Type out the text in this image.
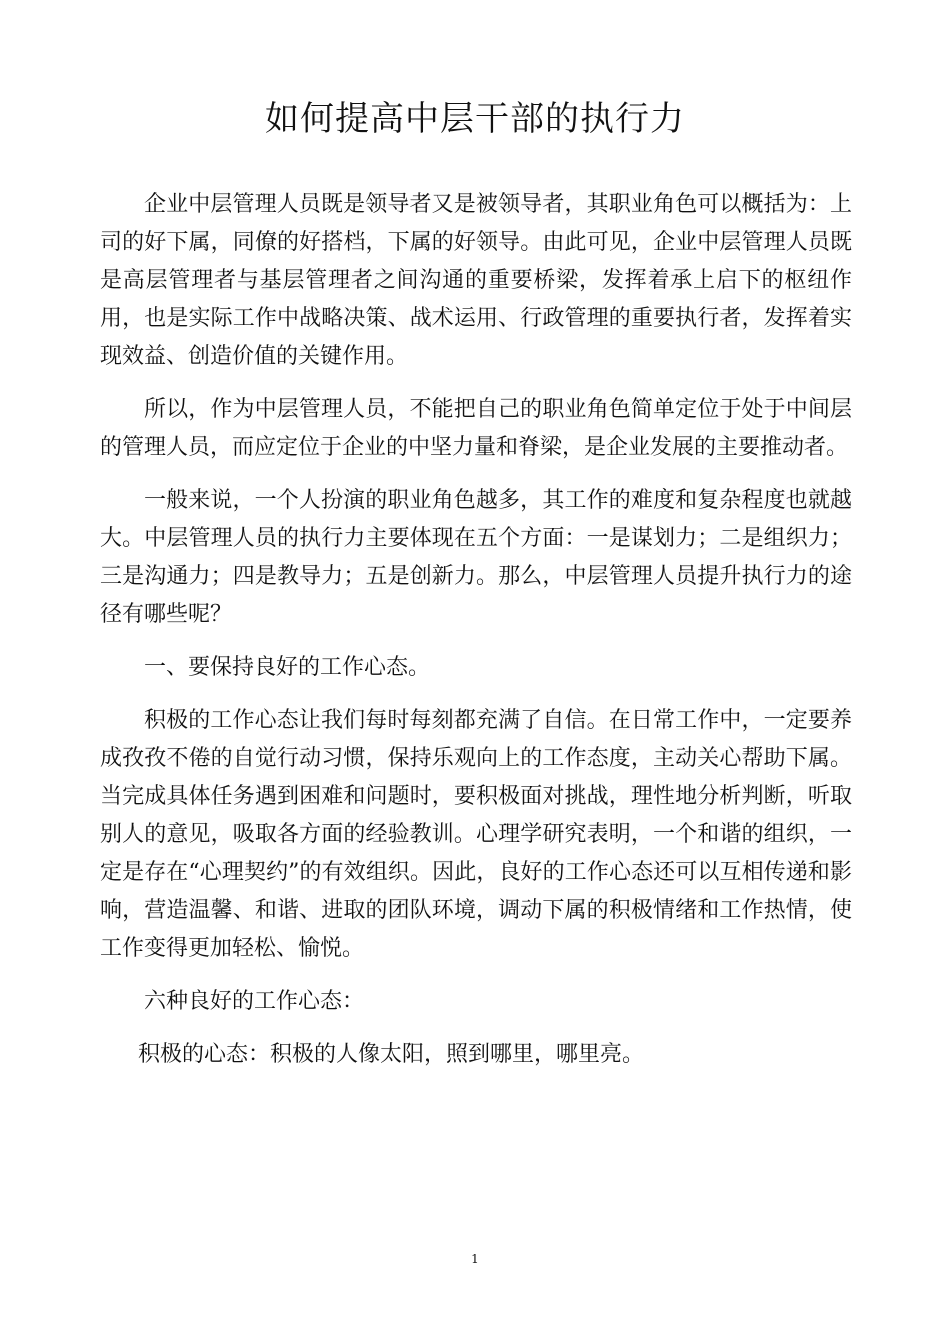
如何提高中层干部的执行力

企业中层管理人员既是领导者又是被领导者，其职业角色可以概括为：上司的好下属，同僚的好搭档，下属的好领导。由此可见，企业中层管理人员既是高层管理者与基层管理者之间沟通的重要桥梁，发挥着承上启下的枢纽作用，也是实际工作中战略决策、战术运用、行政管理的重要执行者，发挥着实现效益、创造价值的关键作用。

所以，作为中层管理人员，不能把自己的职业角色简单定位于处于中间层的管理人员，而应定位于企业的中坚力量和脊梁，是企业发展的主要推动者。

一般来说，一个人扮演的职业角色越多，其工作的难度和复杂程度也就越大。中层管理人员的执行力主要体现在五个方面：一是谋划力；二是组织力；三是沟通力；四是教导力；五是创新力。那么，中层管理人员提升执行力的途径有哪些呢？

一、要保持良好的工作心态。

积极的工作心态让我们每时每刻都充满了自信。在日常工作中，一定要养成孜孜不倦的自觉行动习惯，保持乐观向上的工作态度，主动关心帮助下属。当完成具体任务遇到困难和问题时，要积极面对挑战，理性地分析判断，听取别人的意见，吸取各方面的经验教训。心理学研究表明，一个和谐的组织，一定是存在“心理契约”的有效组织。因此，良好的工作心态还可以互相传递和影响，营造温馨、和谐、进取的团队环境，调动下属的积极情绪和工作热情，使工作变得更加轻松、愉悦。

六种良好的工作心态：

积极的心态：积极的人像太阳，照到哪里，哪里亮。

1
